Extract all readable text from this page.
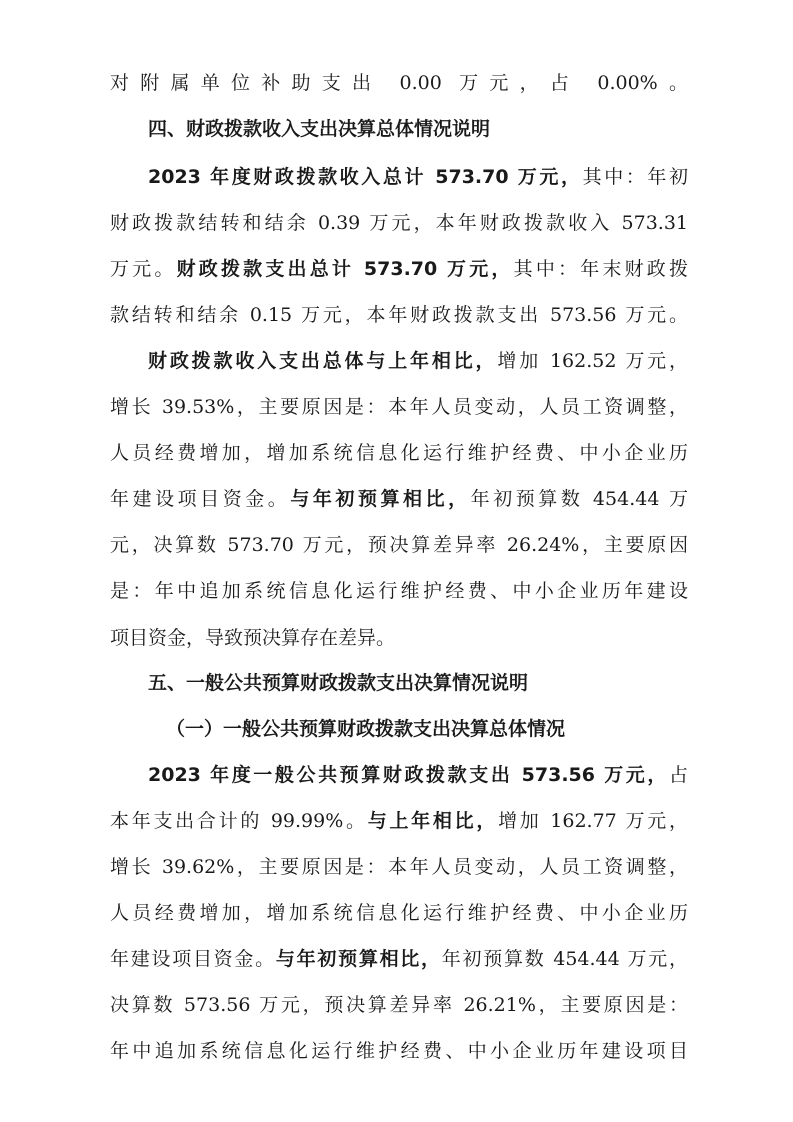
对附属单位补助支出 0.00 万元，占 0.00%。
四、财政拨款收入支出决算总体情况说明
2023 年度财政拨款收入总计 573.70 万元，其中：年初
财政拨款结转和结余 0.39 万元，本年财政拨款收入 573.31
万元。财政拨款支出总计 573.70 万元，其中：年末财政拨
款结转和结余 0.15 万元，本年财政拨款支出 573.56 万元。
财政拨款收入支出总体与上年相比，增加 162.52 万元，
增长 39.53%，主要原因是：本年人员变动，人员工资调整，
人员经费增加，增加系统信息化运行维护经费、中小企业历
年建设项目资金。与年初预算相比，年初预算数 454.44 万
元，决算数 573.70 万元，预决算差异率 26.24%，主要原因
是：年中追加系统信息化运行维护经费、中小企业历年建设
项目资金，导致预决算存在差异。
五、一般公共预算财政拨款支出决算情况说明
（一）一般公共预算财政拨款支出决算总体情况
2023 年度一般公共预算财政拨款支出 573.56 万元，占
本年支出合计的 99.99%。与上年相比，增加 162.77 万元，
增长 39.62%，主要原因是：本年人员变动，人员工资调整，
人员经费增加，增加系统信息化运行维护经费、中小企业历
年建设项目资金。与年初预算相比，年初预算数 454.44 万元，
决算数 573.56 万元，预决算差异率 26.21%，主要原因是：
年中追加系统信息化运行维护经费、中小企业历年建设项目
